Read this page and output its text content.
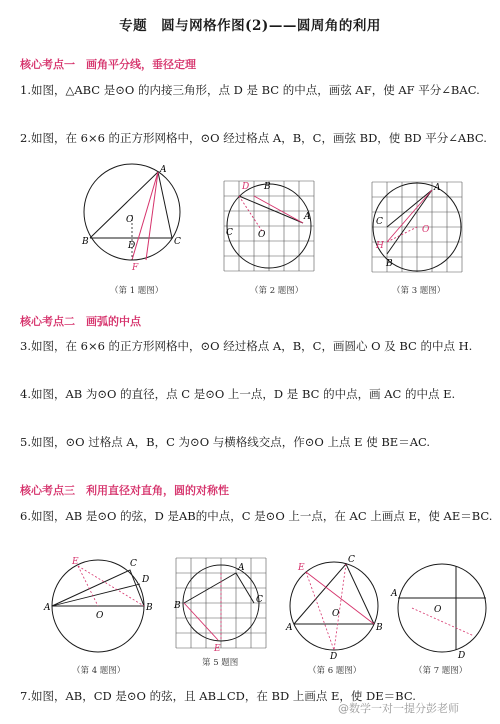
专题　圆与网格作图(2)——圆周角的利用
核心考点一　画角平分线，垂径定理
1.如图，△ABC 是⊙O 的内接三角形，点 D 是 BC 的中点，画弦 AF，使 AF 平分∠BAC.
2.如图，在 6×6 的正方形网格中，⊙O 经过格点 A，B，C，画弦 BD，使 BD 平分∠ABC.
O
A
B	C
D
F
（第 1 题图）
D B
A
O
C
（第 2 题图）
A
C
H
B
O
（第 3 题图）
核心考点二　画弧的中点
3.如图，在 6×6 的正方形网格中，⊙O 经过格点 A，B，C，画圆心 O 及 BC 的中点 H.
4.如图，AB 为⊙O 的直径，点 C 是⊙O 上一点，D 是 BC 的中点，画 AC 的中点 E.
5.如图，⊙O 过格点 A，B，C 为⊙O 与横格线交点，作⊙O 上点 E 使 BE＝AC.
核心考点三　利用直径对直角，圆的对称性
6.如图，AB 是⊙O 的弦，D 是AB的中点，C 是⊙O 上一点，在 AC 上画点 E，使 AE＝BC.
E	C
D
A	B
O
（第 4 题图）
B
A
C
E
第 5 题图
E
C
A	B
O
D
（第 6 题图）
A
O
D
（第 7 题图）
7.如图，AB，CD 是⊙O 的弦，且 AB⊥CD，在 BD 上画点 E，使 DE＝BC.
@数学一对一提分彭老师
